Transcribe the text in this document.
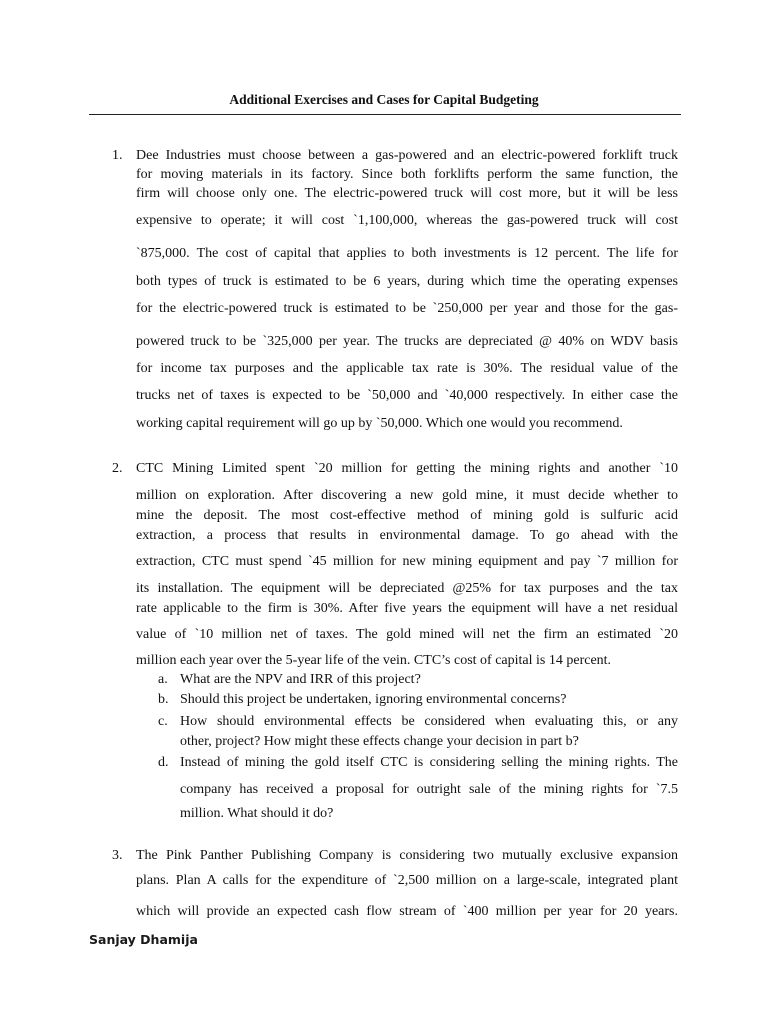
Additional Exercises and Cases for Capital Budgeting
1. Dee Industries must choose between a gas-powered and an electric-powered forklift truck
for moving materials in its factory. Since both forklifts perform the same function, the
firm will choose only one. The electric-powered truck will cost more, but it will be less
expensive to operate; it will cost `1,100,000, whereas the gas-powered truck will cost
`875,000. The cost of capital that applies to both investments is 12 percent. The life for
both types of truck is estimated to be 6 years, during which time the operating expenses
for the electric-powered truck is estimated to be `250,000 per year and those for the gas-
powered truck to be `325,000 per year. The trucks are depreciated @ 40% on WDV basis
for income tax purposes and the applicable tax rate is 30%. The residual value of the
trucks net of taxes is expected to be `50,000 and `40,000 respectively. In either case the
working capital requirement will go up by `50,000. Which one would you recommend.
2. CTC Mining Limited spent `20 million for getting the mining rights and another `10
million on exploration. After discovering a new gold mine, it must decide whether to
mine the deposit. The most cost-effective method of mining gold is sulfuric acid
extraction, a process that results in environmental damage. To go ahead with the
extraction, CTC must spend `45 million for new mining equipment and pay `7 million for
its installation. The equipment will be depreciated @25% for tax purposes and the tax
rate applicable to the firm is 30%. After five years the equipment will have a net residual
value of `10 million net of taxes. The gold mined will net the firm an estimated `20
million each year over the 5-year life of the vein. CTC’s cost of capital is 14 percent.
a. What are the NPV and IRR of this project?
b. Should this project be undertaken, ignoring environmental concerns?
c. How should environmental effects be considered when evaluating this, or any
other, project? How might these effects change your decision in part b?
d. Instead of mining the gold itself CTC is considering selling the mining rights. The
company has received a proposal for outright sale of the mining rights for `7.5
million. What should it do?
3. The Pink Panther Publishing Company is considering two mutually exclusive expansion
plans. Plan A calls for the expenditure of `2,500 million on a large-scale, integrated plant
which will provide an expected cash flow stream of `400 million per year for 20 years.
Sanjay Dhamija
